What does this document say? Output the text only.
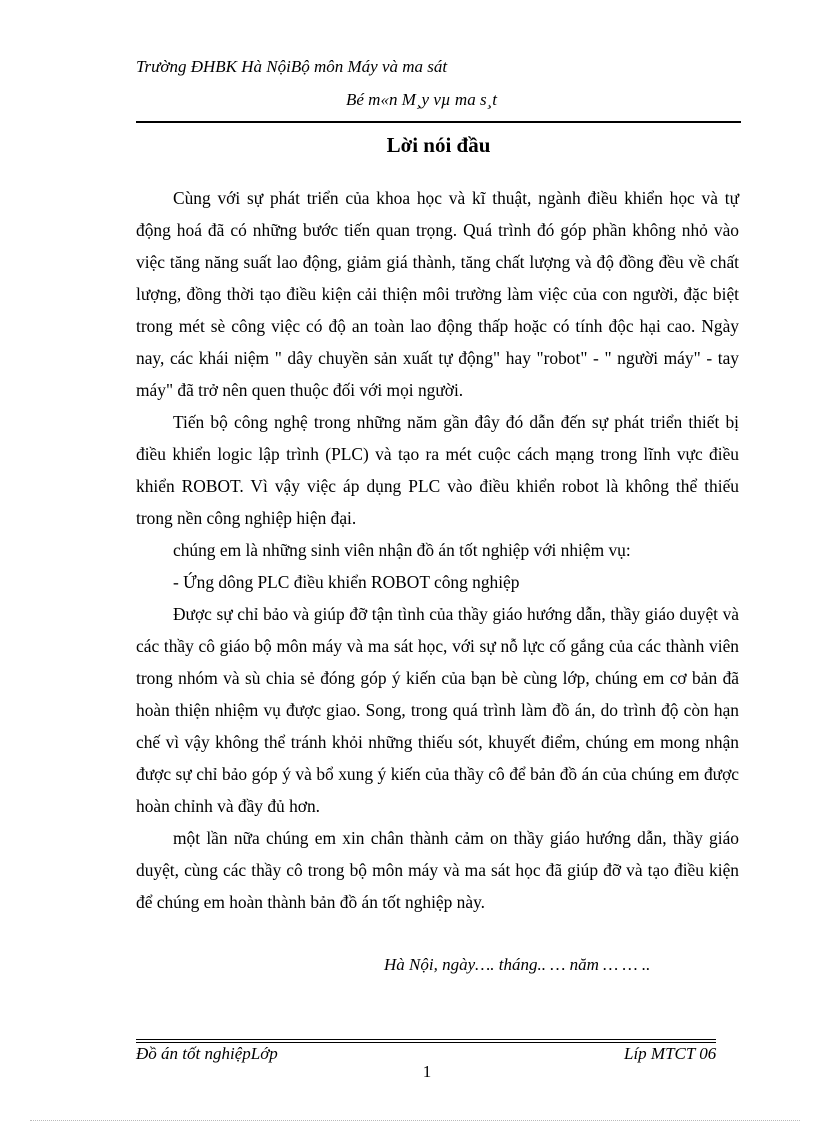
Trường ĐHBK Hà NộiBộ môn Máy và ma sát
Bé m«n M¸y vµ ma s¸t
Lời nói đầu

Cùng với sự phát triển của khoa học và kĩ thuật, ngành điều khiển học và tự động hoá đã có những bước tiến quan trọng. Quá trình đó góp phần không nhỏ vào việc tăng năng suất lao động, giảm giá thành, tăng chất lượng và độ đồng đều về chất lượng, đồng thời tạo điều kiện cải thiện môi trường làm việc của con người, đặc biệt trong mét sè công việc có độ an toàn lao động thấp hoặc có tính độc hại cao. Ngày nay, các khái niệm " dây chuyền sản xuất tự động" hay "robot" - " người máy" - tay máy" đã trở nên quen thuộc đối với mọi người.

Tiến bộ công nghệ trong những năm gần đây đó dẫn đến sự phát triển thiết bị điều khiển logic lập trình (PLC) và tạo ra mét cuộc cách mạng trong lĩnh vực điều khiển ROBOT. Vì vậy việc áp dụng PLC vào điều khiển robot là không thể thiếu trong nền công nghiệp hiện đại.

chúng em là những sinh viên nhận đồ án tốt nghiệp với nhiệm vụ:

- Ứng dông PLC điều khiển ROBOT công nghiệp

Được sự chỉ bảo và giúp đỡ tận tình của thầy giáo hướng dẫn, thầy giáo duyệt và các thầy cô giáo bộ môn máy và ma sát học, với sự nỗ lực cố gắng của các thành viên trong nhóm và sù chia sẻ đóng góp ý kiến của bạn bè cùng lớp, chúng em cơ bản đã hoàn thiện nhiệm vụ được giao. Song, trong quá trình làm đồ án, do trình độ còn hạn chế vì vậy không thể tránh khỏi những thiếu sót, khuyết điểm, chúng em mong nhận được sự chỉ bảo góp ý và bổ xung ý kiến của thầy cô để bản đồ án của chúng em được hoàn chỉnh và đầy đủ hơn.

một lần nữa chúng em xin chân thành cảm on thầy giáo hướng dẫn, thầy giáo duyệt, cùng các thầy cô trong bộ môn máy và ma sát học đã giúp đỡ và tạo điều kiện để chúng em hoàn thành bản đồ án tốt nghiệp này.

Hà Nội, ngày…. tháng.. … năm … … ..
Đồ án tốt nghiệpLớp	Líp MTCT 06
1
